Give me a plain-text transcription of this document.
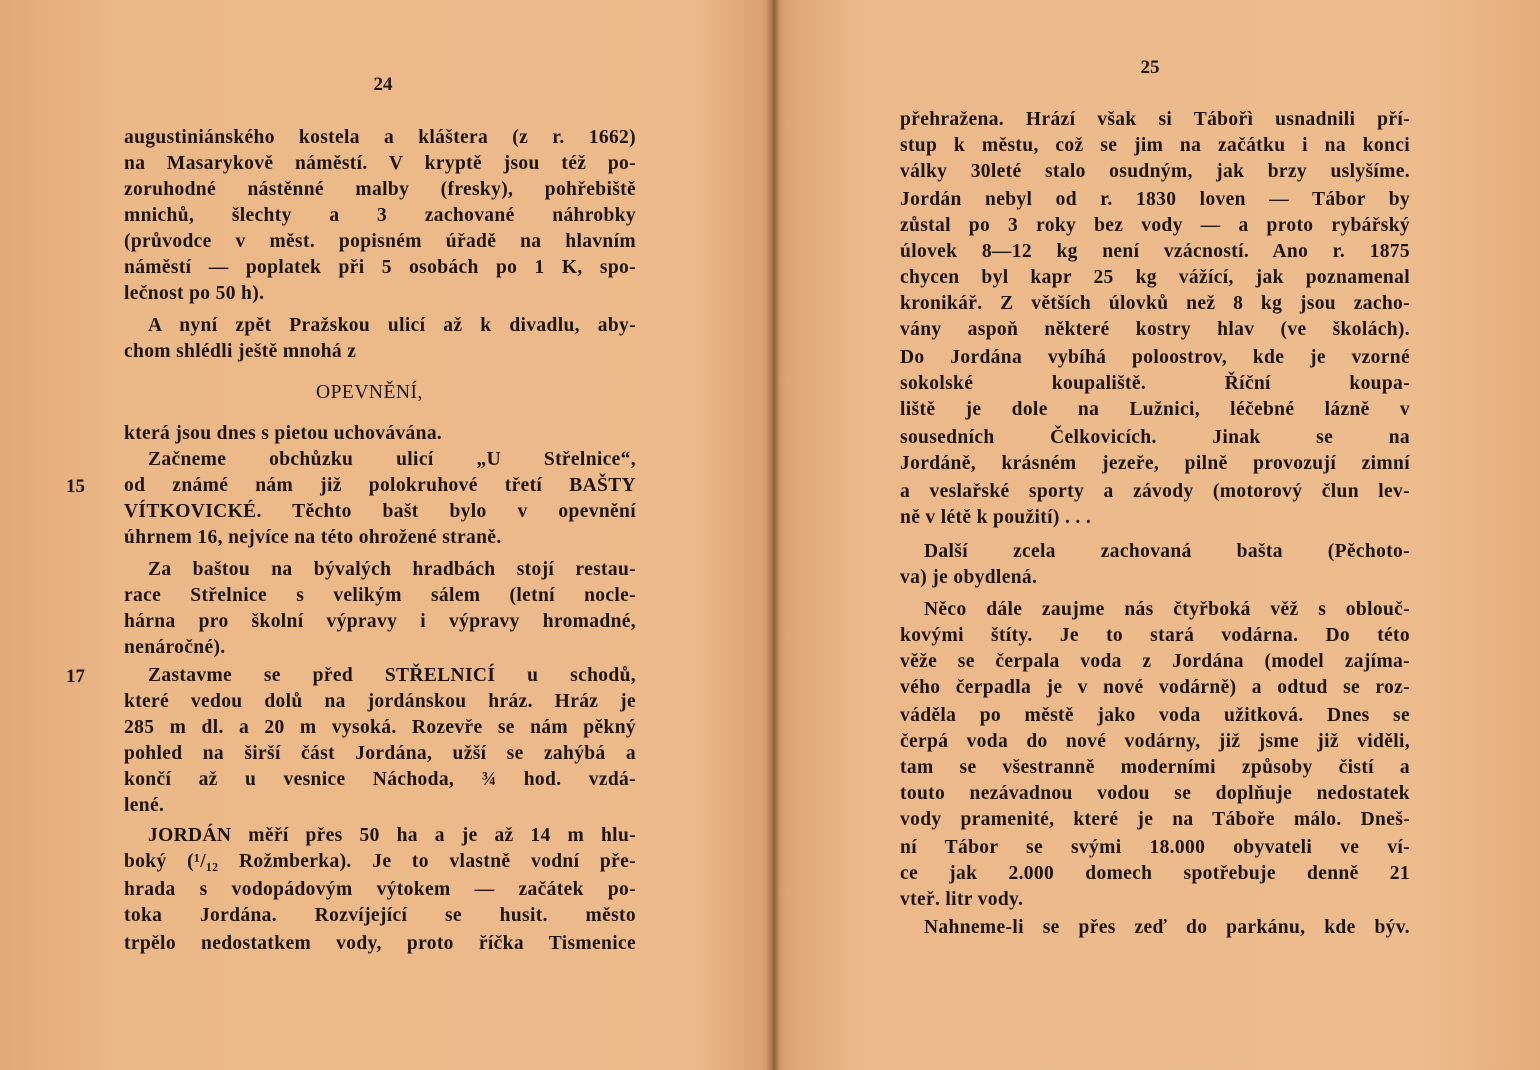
24
15
17
augustiniánského kostela a kláštera (z r. 1662)
na Masarykově náměstí. V kryptě jsou též po-
zoruhodné nástěnné malby (fresky), pohřebiště
mnichů, šlechty a 3 zachované náhrobky
(průvodce v měst. popisném úřadě na hlavním
náměstí — poplatek při 5 osobách po 1 K, spo-
lečnost po 50 h).
A nyní zpět Pražskou ulicí až k divadlu, aby-
chom shlédli ještě mnohá z
OPEVNĚNÍ,
která jsou dnes s pietou uchovávána.
Začneme obchůzku ulicí „U Střelnice“,
od známé nám již polokruhové třetí BAŠTY
VÍTKOVICKÉ. Těchto bašt bylo v opevnění
úhrnem 16, nejvíce na této ohrožené straně.
Za baštou na bývalých hradbách stojí restau-
race Střelnice s velikým sálem (letní nocle-
hárna pro školní výpravy i výpravy hromadné,
nenáročné).
Zastavme se před STŘELNICÍ u schodů,
které vedou dolů na jordánskou hráz. Hráz je
285 m dl. a 20 m vysoká. Rozevře se nám pěkný
pohled na širší část Jordána, užší se zahýbá a
končí až u vesnice Náchoda, ¾ hod. vzdá-
lené.
JORDÁN měří přes 50 ha a je až 14 m hlu-
boký (¹/₁₂ Rožmberka). Je to vlastně vodní pře-
hrada s vodopádovým výtokem — začátek po-
toka Jordána. Rozvíjející se husit. město
trpělo nedostatkem vody, proto říčka Tismenice
25
přehražena. Hrází však si Tábořì usnadnili pří-
stup k městu, což se jim na začátku i na konci
války 30leté stalo osudným, jak brzy uslyšíme.
Jordán nebyl od r. 1830 loven — Tábor by
zůstal po 3 roky bez vody — a proto rybářský
úlovek 8—12 kg není vzácností. Ano r. 1875
chycen byl kapr 25 kg vážící, jak poznamenal
kronikář. Z větších úlovků než 8 kg jsou zacho-
vány aspoň některé kostry hlav (ve školách).
Do Jordána vybíhá poloostrov, kde je vzorné
sokolské koupaliště. Říční koupa-
liště je dole na Lužnici, léčebné lázně v
sousedních Čelkovicích. Jinak se na
Jordáně, krásném jezeře, pilně provozují zimní
a veslařské sporty a závody (motorový člun lev-
ně v létě k použití) . . .
Další zcela zachovaná bašta (Pěchoto-
va) je obydlená.
Něco dále zaujme nás čtyřboká věž s oblouč-
kovými štíty. Je to stará vodárna. Do této
věže se čerpala voda z Jordána (model zajíma-
vého čerpadla je v nové vodárně) a odtud se roz-
váděla po městě jako voda užitková. Dnes se
čerpá voda do nové vodárny, již jsme již viděli,
tam se všestranně moderními způsoby čistí a
touto nezávadnou vodou se doplňuje nedostatek
vody pramenité, které je na Táboře málo. Dneš-
ní Tábor se svými 18.000 obyvateli ve ví-
ce jak 2.000 domech spotřebuje denně 21
vteř. litr vody.
Nahneme-li se přes zeď do parkánu, kde býv.
